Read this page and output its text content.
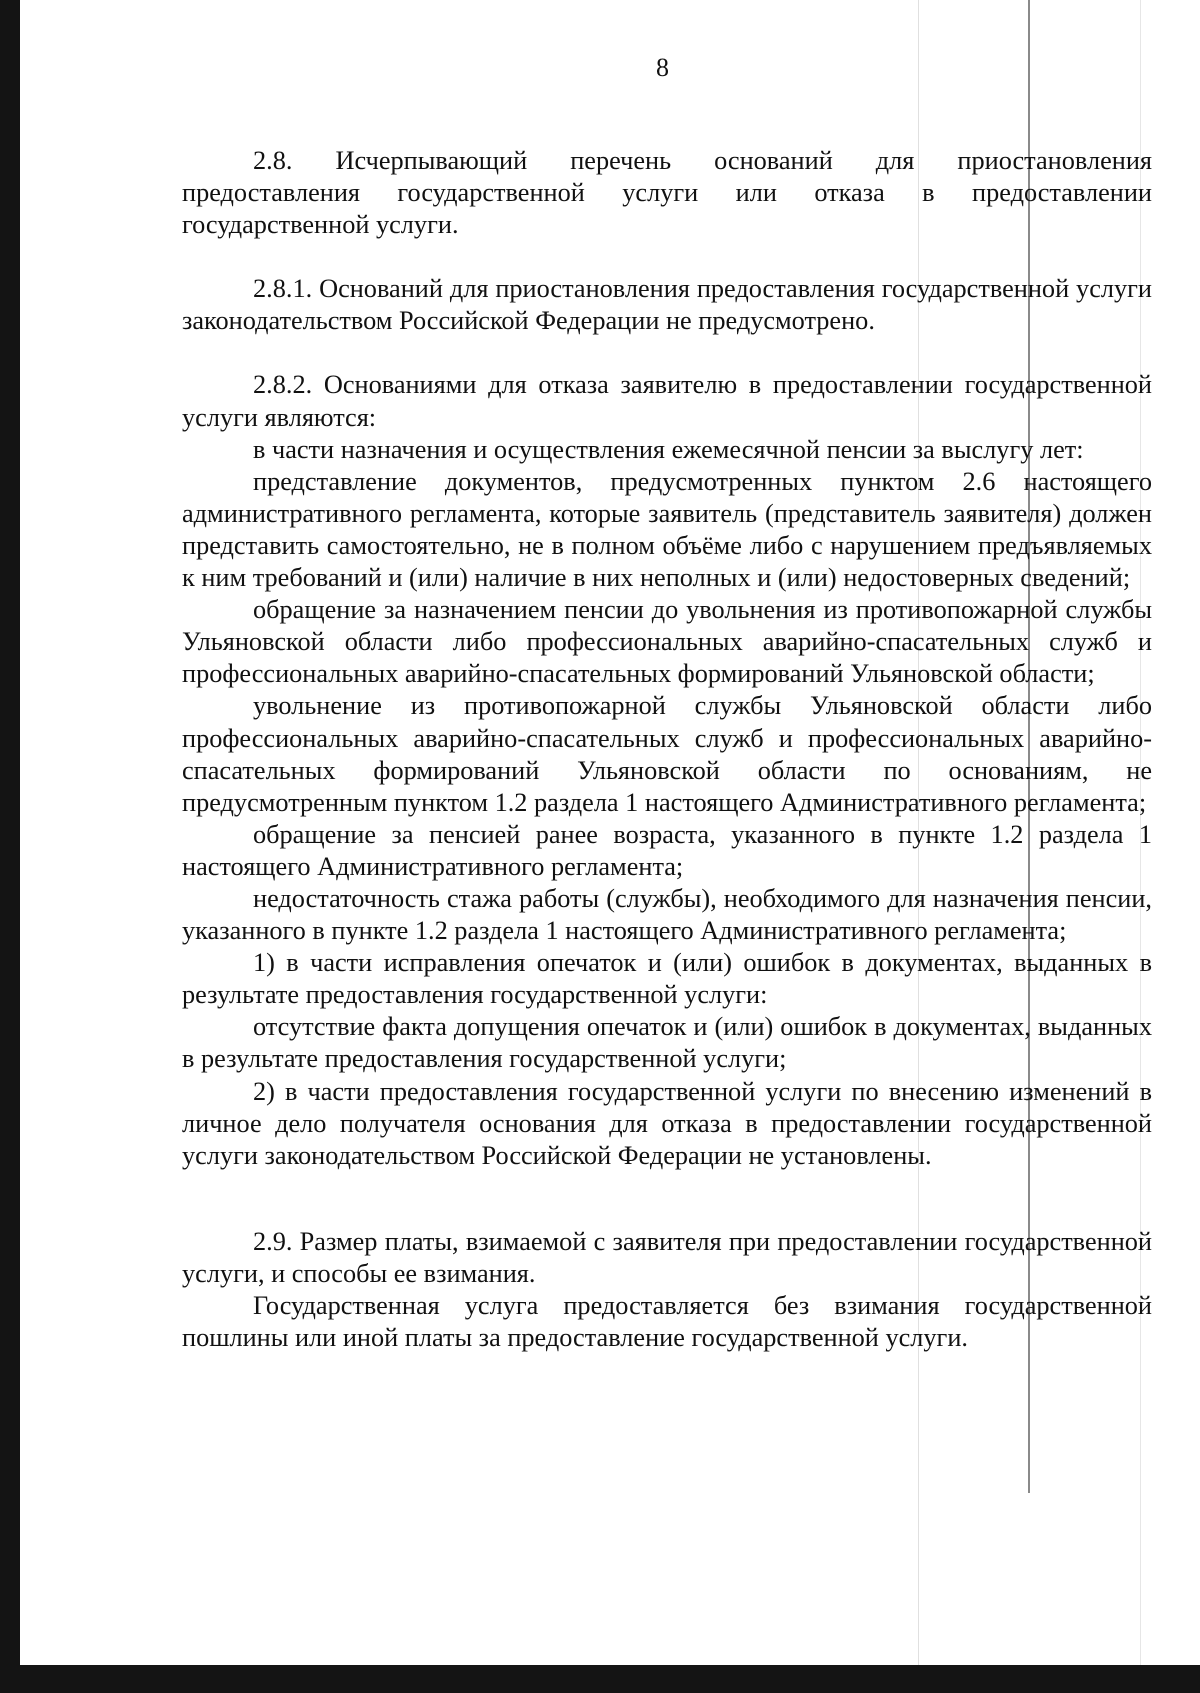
8

2.8. Исчерпывающий перечень оснований для приостановления предоставления государственной услуги или отказа в предоставлении государственной услуги.

2.8.1. Оснований для приостановления предоставления государственной услуги законодательством Российской Федерации не предусмотрено.

2.8.2. Основаниями для отказа заявителю в предоставлении государственной услуги являются:

в части назначения и осуществления ежемесячной пенсии за выслугу лет:

представление документов, предусмотренных пунктом 2.6 настоящего административного регламента, которые заявитель (представитель заявителя) должен представить самостоятельно, не в полном объёме либо с нарушением предъявляемых к ним требований и (или) наличие в них неполных и (или) недостоверных сведений;

обращение за назначением пенсии до увольнения из противопожарной службы Ульяновской области либо профессиональных аварийно-спасательных служб и профессиональных аварийно-спасательных формирований Ульяновской области;

увольнение из противопожарной службы Ульяновской области либо профессиональных аварийно-спасательных служб и профессиональных аварийно-спасательных формирований Ульяновской области по основаниям, не предусмотренным пунктом 1.2 раздела 1 настоящего Административного регламента;

обращение за пенсией ранее возраста, указанного в пункте 1.2 раздела 1 настоящего Административного регламента;

недостаточность стажа работы (службы), необходимого для назначения пенсии, указанного в пункте 1.2 раздела 1 настоящего Административного регламента;

1) в части исправления опечаток и (или) ошибок в документах, выданных в результате предоставления государственной услуги:

отсутствие факта допущения опечаток и (или) ошибок в документах, выданных в результате предоставления государственной услуги;

2) в части предоставления государственной услуги по внесению изменений в личное дело получателя основания для отказа в предоставлении государственной услуги законодательством Российской Федерации не установлены.

2.9. Размер платы, взимаемой с заявителя при предоставлении государственной услуги, и способы ее взимания.

Государственная услуга предоставляется без взимания государственной пошлины или иной платы за предоставление государственной услуги.
